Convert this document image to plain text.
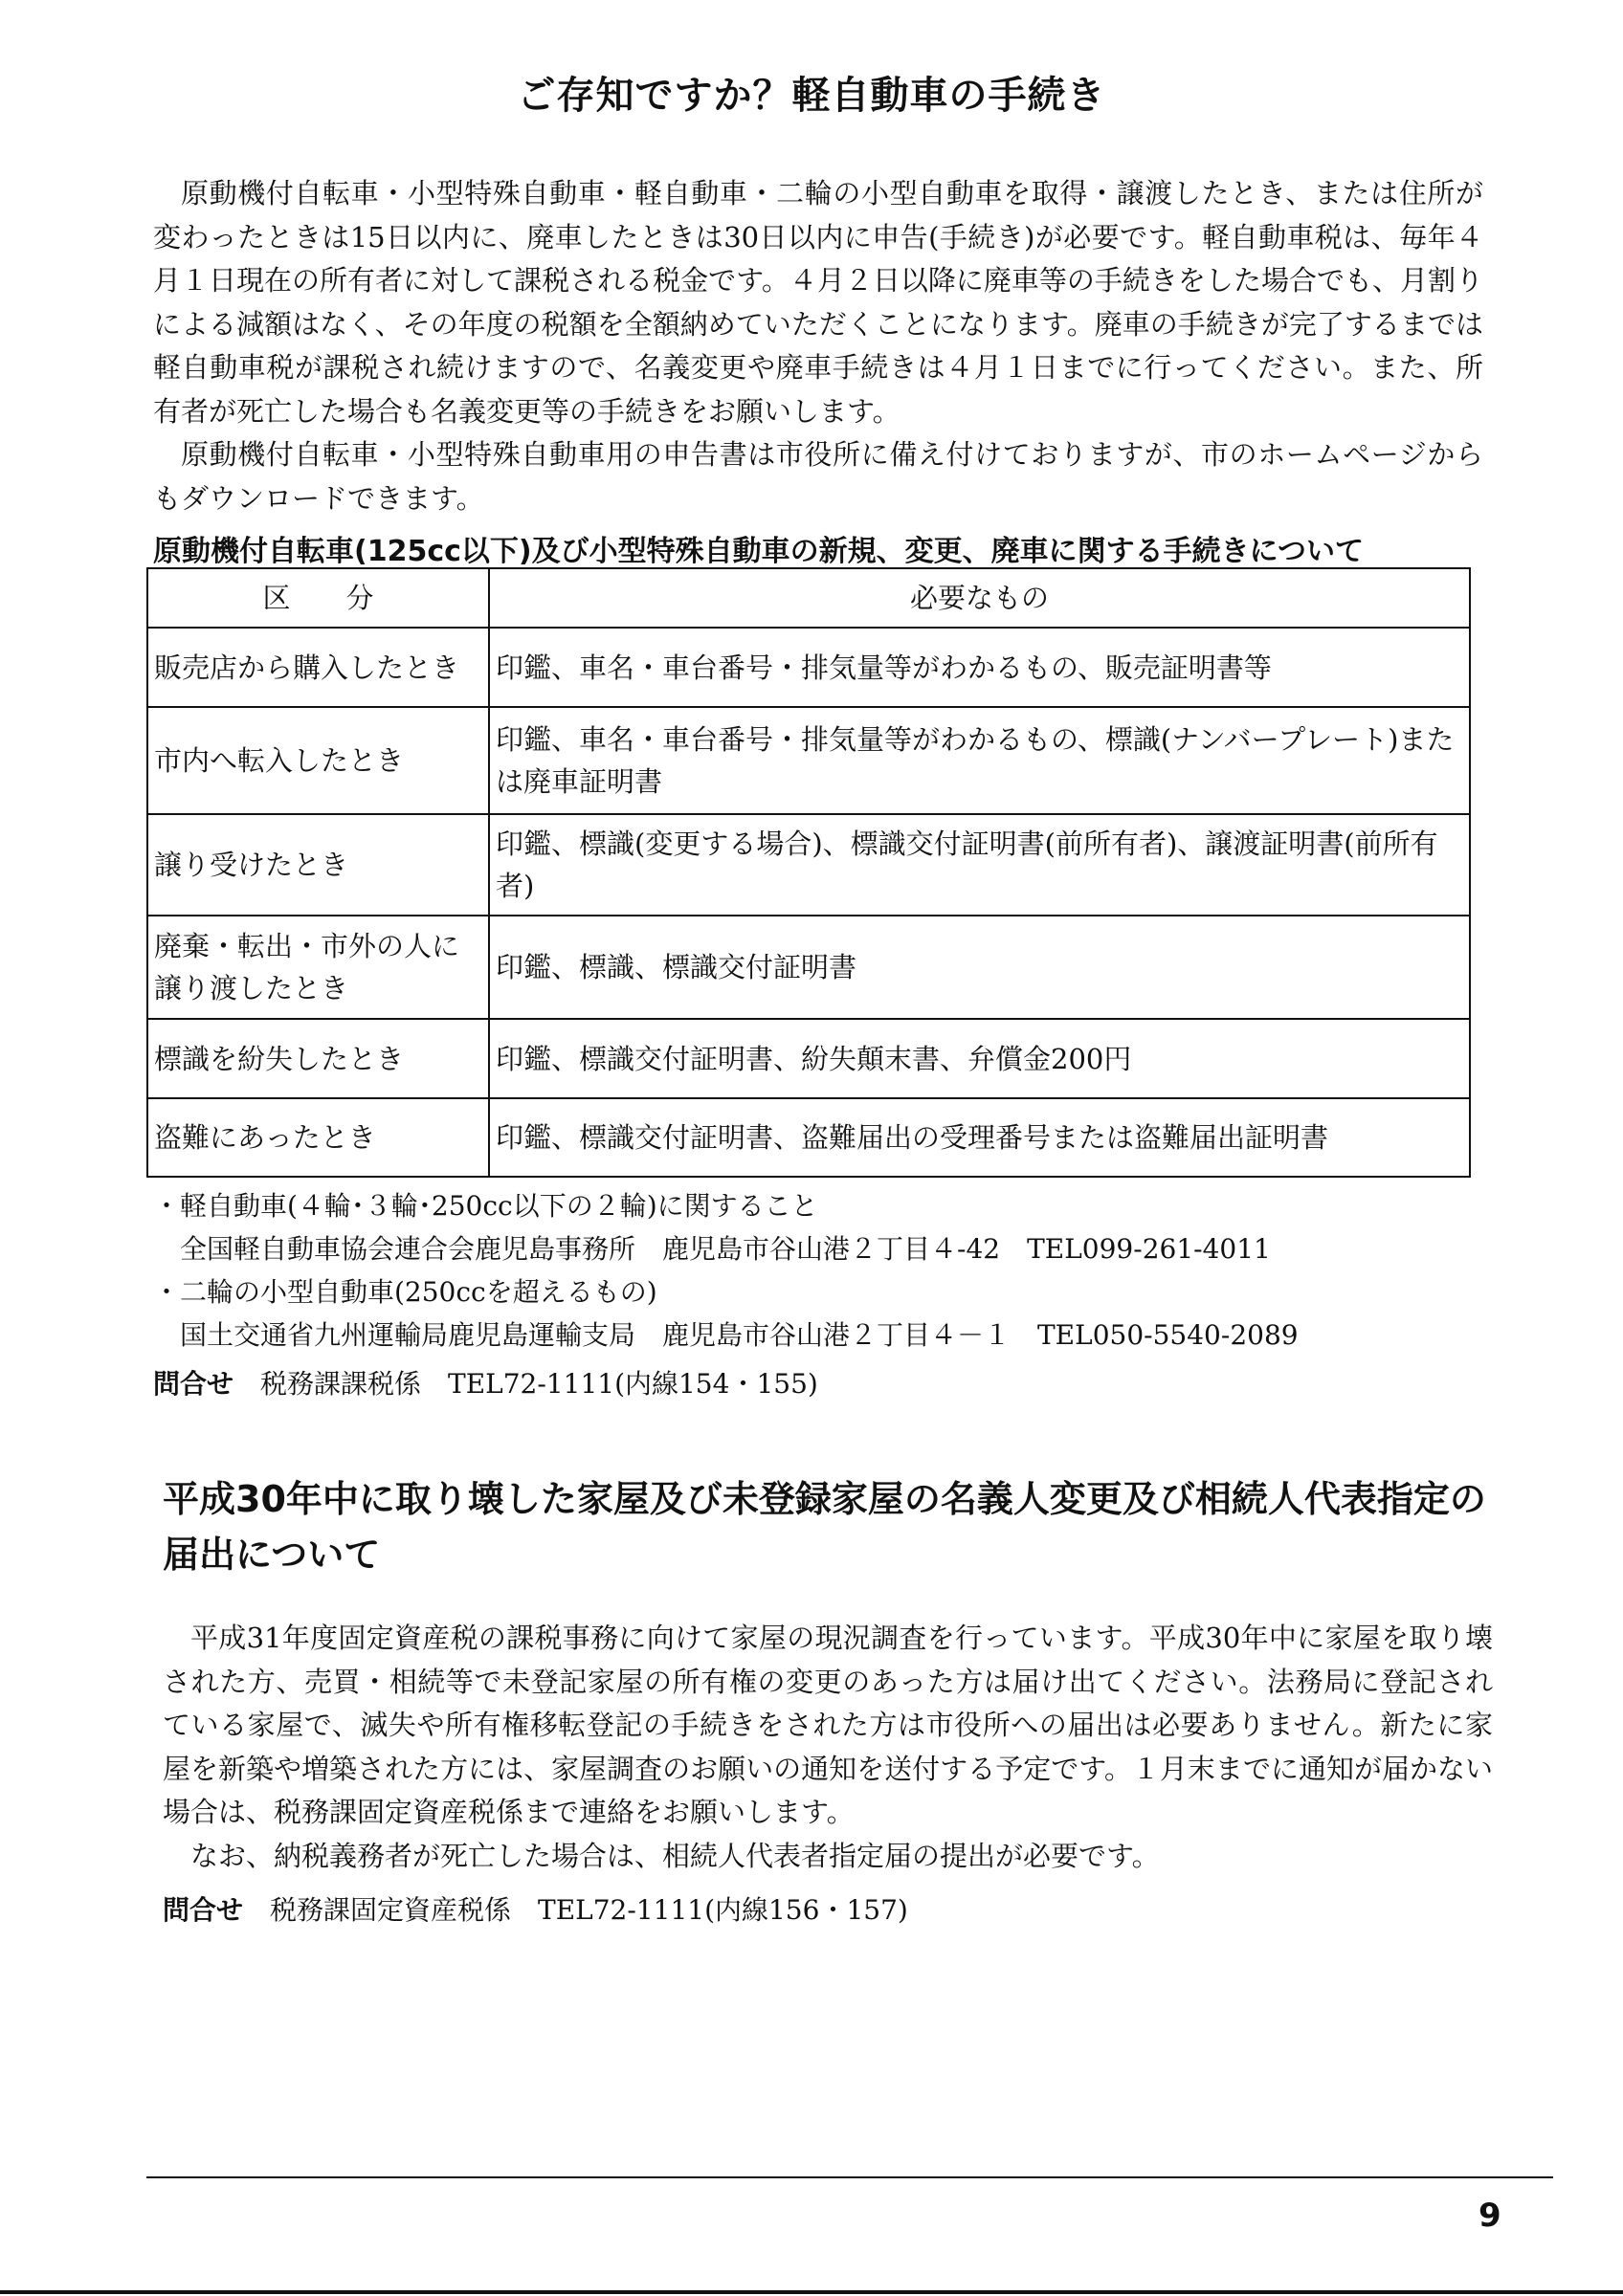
ご存知ですか？軽自動車の手続き

原動機付自転車・小型特殊自動車・軽自動車・二輪の小型自動車を取得・譲渡したとき、または住所が変わったときは15日以内に、廃車したときは30日以内に申告(手続き)が必要です。軽自動車税は、毎年４月１日現在の所有者に対して課税される税金です。４月２日以降に廃車等の手続きをした場合でも、月割りによる減額はなく、その年度の税額を全額納めていただくことになります。廃車の手続きが完了するまでは軽自動車税が課税され続けますので、名義変更や廃車手続きは４月１日までに行ってください。また、所有者が死亡した場合も名義変更等の手続きをお願いします。

原動機付自転車・小型特殊自動車用の申告書は市役所に備え付けておりますが、市のホームページからもダウンロードできます。

原動機付自転車(125cc以下)及び小型特殊自動車の新規、変更、廃車に関する手続きについて
区　　分	必要なもの
販売店から購入したとき	印鑑、車名・車台番号・排気量等がわかるもの、販売証明書等
市内へ転入したとき	印鑑、車名・車台番号・排気量等がわかるもの、標識(ナンバープレート)または廃車証明書
譲り受けたとき	印鑑、標識(変更する場合)、標識交付証明書(前所有者)、譲渡証明書(前所有者)
廃棄・転出・市外の人に譲り渡したとき	印鑑、標識、標識交付証明書
標識を紛失したとき	印鑑、標識交付証明書、紛失顛末書、弁償金200円
盗難にあったとき	印鑑、標識交付証明書、盗難届出の受理番号または盗難届出証明書
・軽自動車(４輪･３輪･250cc以下の２輪)に関すること
　全国軽自動車協会連合会鹿児島事務所　鹿児島市谷山港２丁目４-42　TEL099-261-4011
・二輪の小型自動車(250ccを超えるもの)
　国土交通省九州運輸局鹿児島運輸支局　鹿児島市谷山港２丁目４－１　TEL050-5540-2089
問合せ　税務課課税係　TEL72-1111(内線154・155)
平成30年中に取り壊した家屋及び未登録家屋の名義人変更及び相続人代表指定の届出について

平成31年度固定資産税の課税事務に向けて家屋の現況調査を行っています。平成30年中に家屋を取り壊された方、売買・相続等で未登記家屋の所有権の変更のあった方は届け出てください。法務局に登記されている家屋で、滅失や所有権移転登記の手続きをされた方は市役所への届出は必要ありません。新たに家屋を新築や増築された方には、家屋調査のお願いの通知を送付する予定です。１月末までに通知が届かない場合は、税務課固定資産税係まで連絡をお願いします。

なお、納税義務者が死亡した場合は、相続人代表者指定届の提出が必要です。

問合せ　税務課固定資産税係　TEL72-1111(内線156・157)
9
